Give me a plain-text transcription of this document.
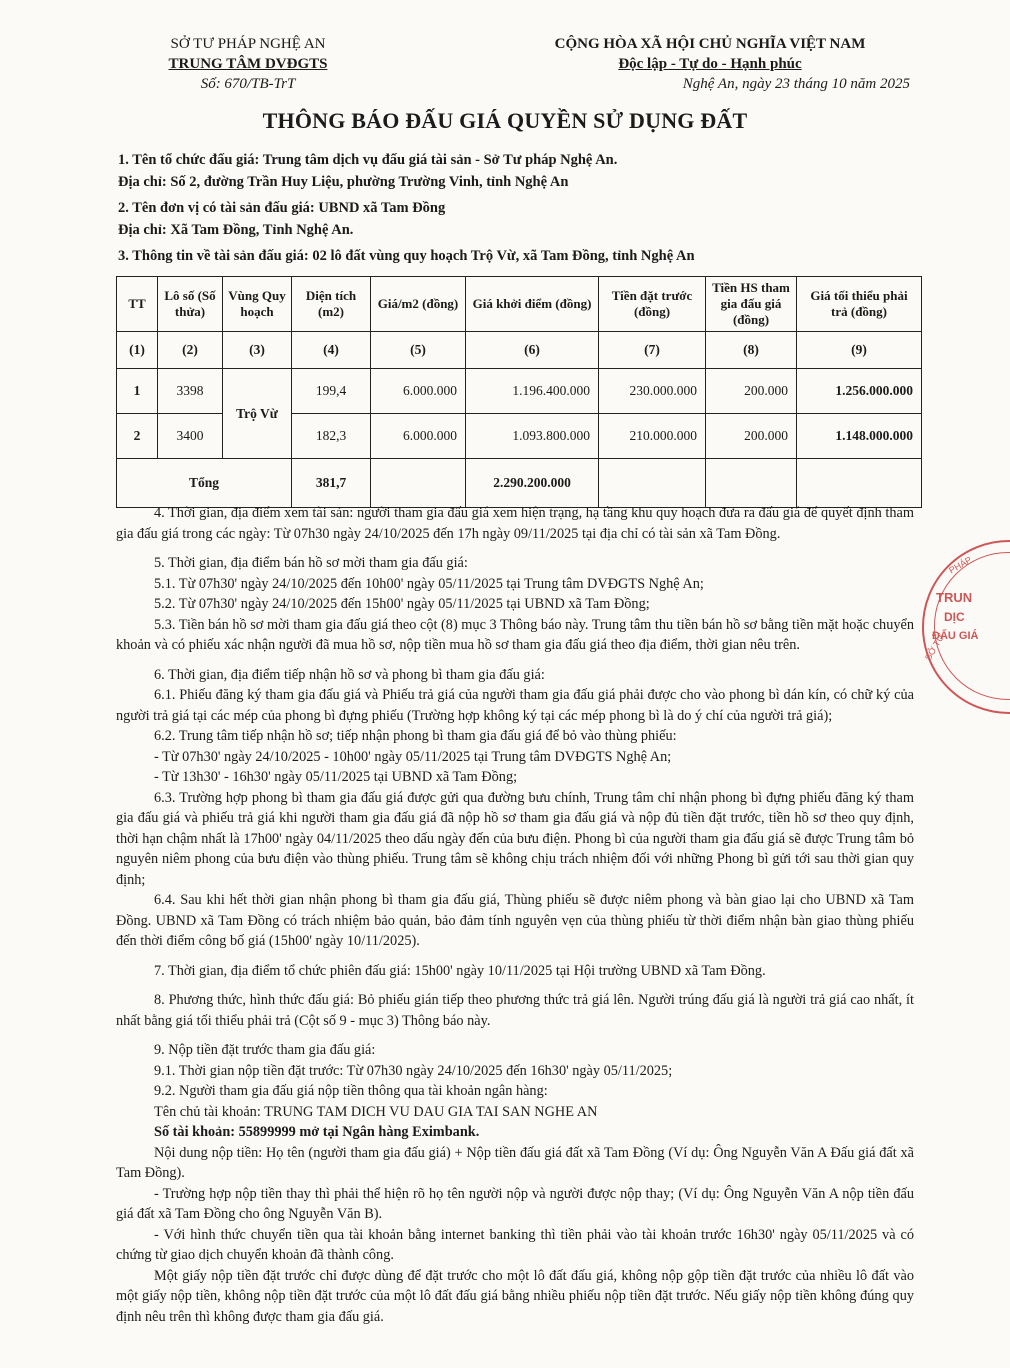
SỞ TƯ PHÁP NGHỆ AN
TRUNG TÂM DVĐGTS
Số: 670/TB-TrT
CỘNG HÒA XÃ HỘI CHỦ NGHĨA VIỆT NAM
Độc lập - Tự do - Hạnh phúc
Nghệ An, ngày 23 tháng 10 năm 2025
THÔNG BÁO ĐẤU GIÁ QUYỀN SỬ DỤNG ĐẤT
1. Tên tổ chức đấu giá: Trung tâm dịch vụ đấu giá tài sản - Sở Tư pháp Nghệ An.
Địa chỉ: Số 2, đường Trần Huy Liệu, phường Trường Vinh, tỉnh Nghệ An
2. Tên đơn vị có tài sản đấu giá: UBND xã Tam Đồng
Địa chỉ: Xã Tam Đồng, Tỉnh Nghệ An.
3. Thông tin về tài sản đấu giá: 02 lô đất vùng quy hoạch Trộ Vừ, xã Tam Đồng, tỉnh Nghệ An
TT	Lô số (Số thửa)	Vùng Quy hoạch	Diện tích (m2)	Giá/m2 (đồng)	Giá khởi điểm (đồng)	Tiền đặt trước (đồng)	Tiền HS tham gia đấu giá (đồng)	Giá tối thiểu phải trả (đồng)
(1)	(2)	(3)	(4)	(5)	(6)	(7)	(8)	(9)
1	3398	Trộ Vừ	199,4	6.000.000	1.196.400.000	230.000.000	200.000	1.256.000.000
2	3400		182,3	6.000.000	1.093.800.000	210.000.000	200.000	1.148.000.000
Tổng			381,7		2.290.200.000			

4. Thời gian, địa điểm xem tài sản: người tham gia đấu giá xem hiện trạng, hạ tầng khu quy hoạch đưa ra đấu giá để quyết định tham gia đấu giá trong các ngày: Từ 07h30 ngày 24/10/2025 đến 17h ngày 09/11/2025 tại địa chỉ có tài sản xã Tam Đồng.

5. Thời gian, địa điểm bán hồ sơ mời tham gia đấu giá:

5.1. Từ 07h30' ngày 24/10/2025 đến 10h00' ngày 05/11/2025 tại Trung tâm DVĐGTS Nghệ An;

5.2. Từ 07h30' ngày 24/10/2025 đến 15h00' ngày 05/11/2025 tại UBND xã Tam Đồng;

5.3. Tiền bán hồ sơ mời tham gia đấu giá theo cột (8) mục 3 Thông báo này. Trung tâm thu tiền bán hồ sơ bằng tiền mặt hoặc chuyển khoản và có phiếu xác nhận người đã mua hồ sơ, nộp tiền mua hồ sơ tham gia đấu giá theo địa điểm, thời gian nêu trên.

6. Thời gian, địa điểm tiếp nhận hồ sơ và phong bì tham gia đấu giá:

6.1. Phiếu đăng ký tham gia đấu giá và Phiếu trả giá của người tham gia đấu giá phải được cho vào phong bì dán kín, có chữ ký của người trả giá tại các mép của phong bì đựng phiếu (Trường hợp không ký tại các mép phong bì là do ý chí của người trả giá);

6.2. Trung tâm tiếp nhận hồ sơ; tiếp nhận phong bì tham gia đấu giá để bỏ vào thùng phiếu:

- Từ 07h30' ngày 24/10/2025 - 10h00' ngày 05/11/2025 tại Trung tâm DVĐGTS Nghệ An;

- Từ 13h30' - 16h30' ngày 05/11/2025 tại UBND xã Tam Đồng;

6.3. Trường hợp phong bì tham gia đấu giá được gửi qua đường bưu chính, Trung tâm chỉ nhận phong bì đựng phiếu đăng ký tham gia đấu giá và phiếu trả giá khi người tham gia đấu giá đã nộp hồ sơ tham gia đấu giá và nộp đủ tiền đặt trước, tiền hồ sơ theo quy định, thời hạn chậm nhất là 17h00' ngày 04/11/2025 theo dấu ngày đến của bưu điện. Phong bì của người tham gia đấu giá sẽ được Trung tâm bỏ nguyên niêm phong của bưu điện vào thùng phiếu. Trung tâm sẽ không chịu trách nhiệm đối với những Phong bì gửi tới sau thời gian quy định;

6.4. Sau khi hết thời gian nhận phong bì tham gia đấu giá, Thùng phiếu sẽ được niêm phong và bàn giao lại cho UBND xã Tam Đồng. UBND xã Tam Đồng có trách nhiệm bảo quản, bảo đảm tính nguyên vẹn của thùng phiếu từ thời điểm nhận bàn giao thùng phiếu đến thời điểm công bố giá (15h00' ngày 10/11/2025).

7. Thời gian, địa điểm tổ chức phiên đấu giá: 15h00' ngày 10/11/2025 tại Hội trường UBND xã Tam Đồng.

8. Phương thức, hình thức đấu giá: Bỏ phiếu gián tiếp theo phương thức trả giá lên. Người trúng đấu giá là người trả giá cao nhất, ít nhất bằng giá tối thiểu phải trả (Cột số 9 - mục 3) Thông báo này.

9. Nộp tiền đặt trước tham gia đấu giá:

9.1. Thời gian nộp tiền đặt trước: Từ 07h30 ngày 24/10/2025 đến 16h30' ngày 05/11/2025;

9.2. Người tham gia đấu giá nộp tiền thông qua tài khoản ngân hàng:

Tên chủ tài khoản: TRUNG TAM DICH VU DAU GIA TAI SAN NGHE AN

Số tài khoản: 55899999 mở tại Ngân hàng Eximbank.

Nội dung nộp tiền: Họ tên (người tham gia đấu giá) + Nộp tiền đấu giá đất xã Tam Đồng (Ví dụ: Ông Nguyễn Văn A Đấu giá đất xã Tam Đồng).

- Trường hợp nộp tiền thay thì phải thể hiện rõ họ tên người nộp và người được nộp thay; (Ví dụ: Ông Nguyễn Văn A nộp tiền đấu giá đất xã Tam Đồng cho ông Nguyễn Văn B).

- Với hình thức chuyển tiền qua tài khoản bằng internet banking thì tiền phải vào tài khoản trước 16h30' ngày 05/11/2025 và có chứng từ giao dịch chuyển khoản đã thành công.

Một giấy nộp tiền đặt trước chỉ được dùng để đặt trước cho một lô đất đấu giá, không nộp gộp tiền đặt trước của nhiều lô đất vào một giấy nộp tiền, không nộp tiền đặt trước của một lô đất đấu giá bằng nhiều phiếu nộp tiền đặt trước. Nếu giấy nộp tiền không đúng quy định nêu trên thì không được tham gia đấu giá.

PHÁP
TRUN
DỊC
ĐẤU GIÁ
SỞ TƯ
